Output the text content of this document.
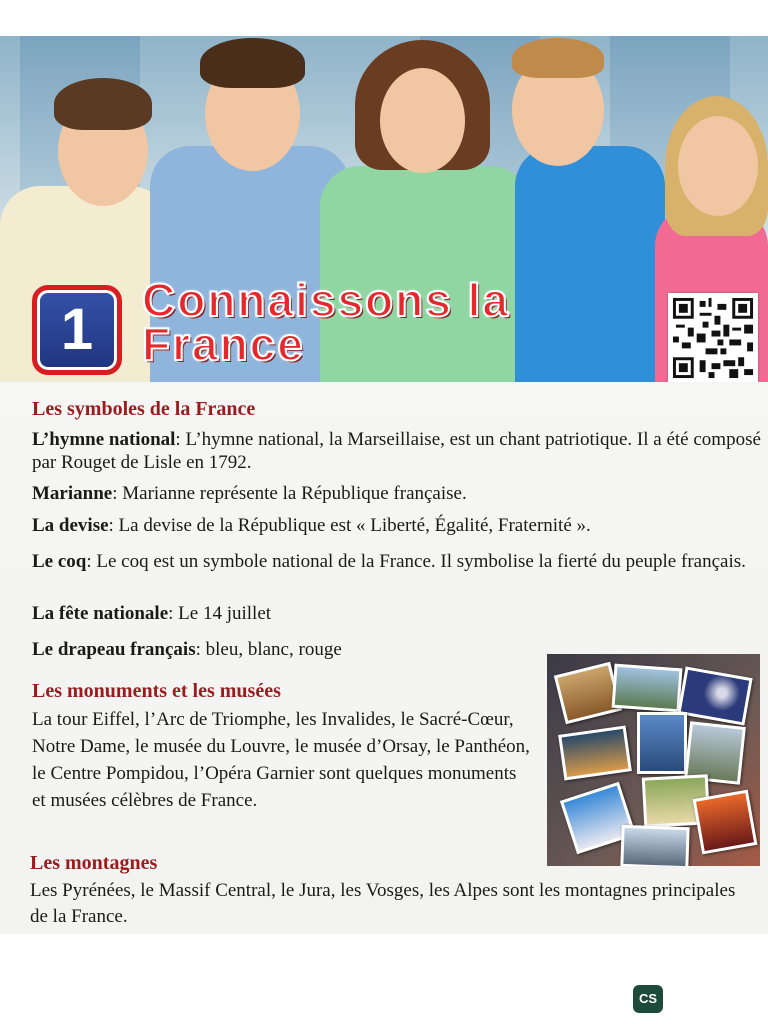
1	Connaissons la
France
Les symboles de la France

L’hymne national: L’hymne national, la Marseillaise, est un chant patriotique. Il a été composé par Rouget de Lisle en 1792.

Marianne: Marianne représente la République française.

La devise: La devise de la République est « Liberté, Égalité, Fraternité ».

Le coq: Le coq est un symbole national de la France. Il symbolise la fierté du peuple français.

La fête nationale: Le 14 juillet

Le drapeau français: bleu, blanc, rouge

Les monuments et les musées

La tour Eiffel, l’Arc de Triomphe, les Invalides, le Sacré-Cœur, Notre Dame, le musée du Louvre, le musée d’Orsay, le Panthéon, le Centre Pompidou, l’Opéra Garnier sont quelques monuments et musées célèbres de France.

Les montagnes

Les Pyrénées, le Massif Central, le Jura, les Vosges, les Alpes sont les montagnes principales de la France.

CS
